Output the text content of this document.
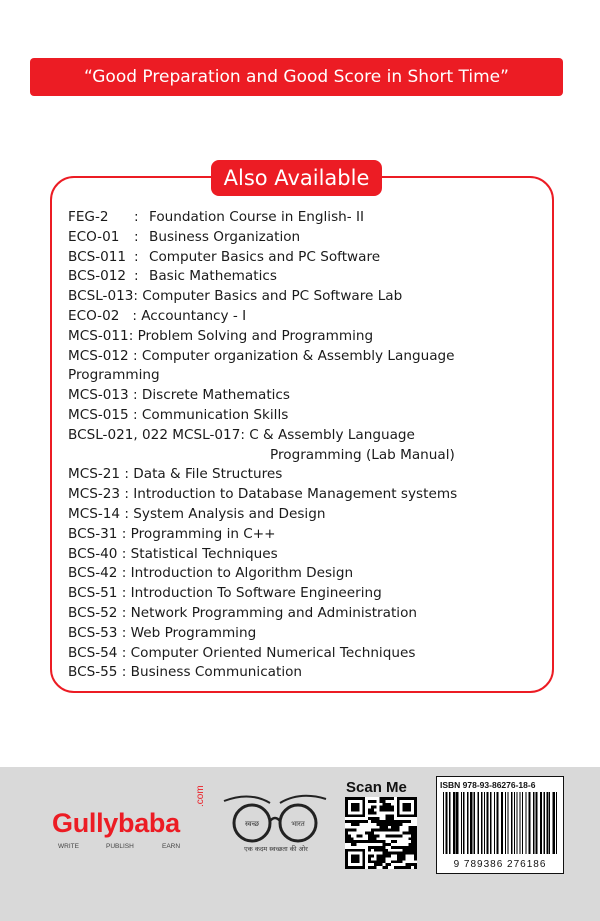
“Good Preparation and Good Score in Short Time”
Also Available
FEG-2 : Foundation Course in English- II
ECO-01 : Business Organization
BCS-011 : Computer Basics and PC Software
BCS-012 : Basic Mathematics
BCSL-013: Computer Basics and PC Software Lab
ECO-02   : Accountancy - I
MCS-011: Problem Solving and Programming
MCS-012 : Computer organization & Assembly Language
Programming
MCS-013 : Discrete Mathematics
MCS-015 : Communication Skills
BCSL-021, 022 MCSL-017: C & Assembly Language
Programming (Lab Manual)
MCS-21 : Data & File Structures
MCS-23 : Introduction to Database Management systems
MCS-14 : System Analysis and Design
BCS-31 : Programming in C++
BCS-40 : Statistical Techniques
BCS-42 : Introduction to Algorithm Design
BCS-51 : Introduction To Software Engineering
BCS-52 : Network Programming and Administration
BCS-53 : Web Programming
BCS-54 : Computer Oriented Numerical Techniques
BCS-55 : Business Communication
Gullybaba
.com
WRITE	PUBLISH	EARN
स्वच्छ	भारत
एक कदम स्वच्छता की ओर
Scan Me	ISBN 978-93-86276-18-6
9 789386 276186
